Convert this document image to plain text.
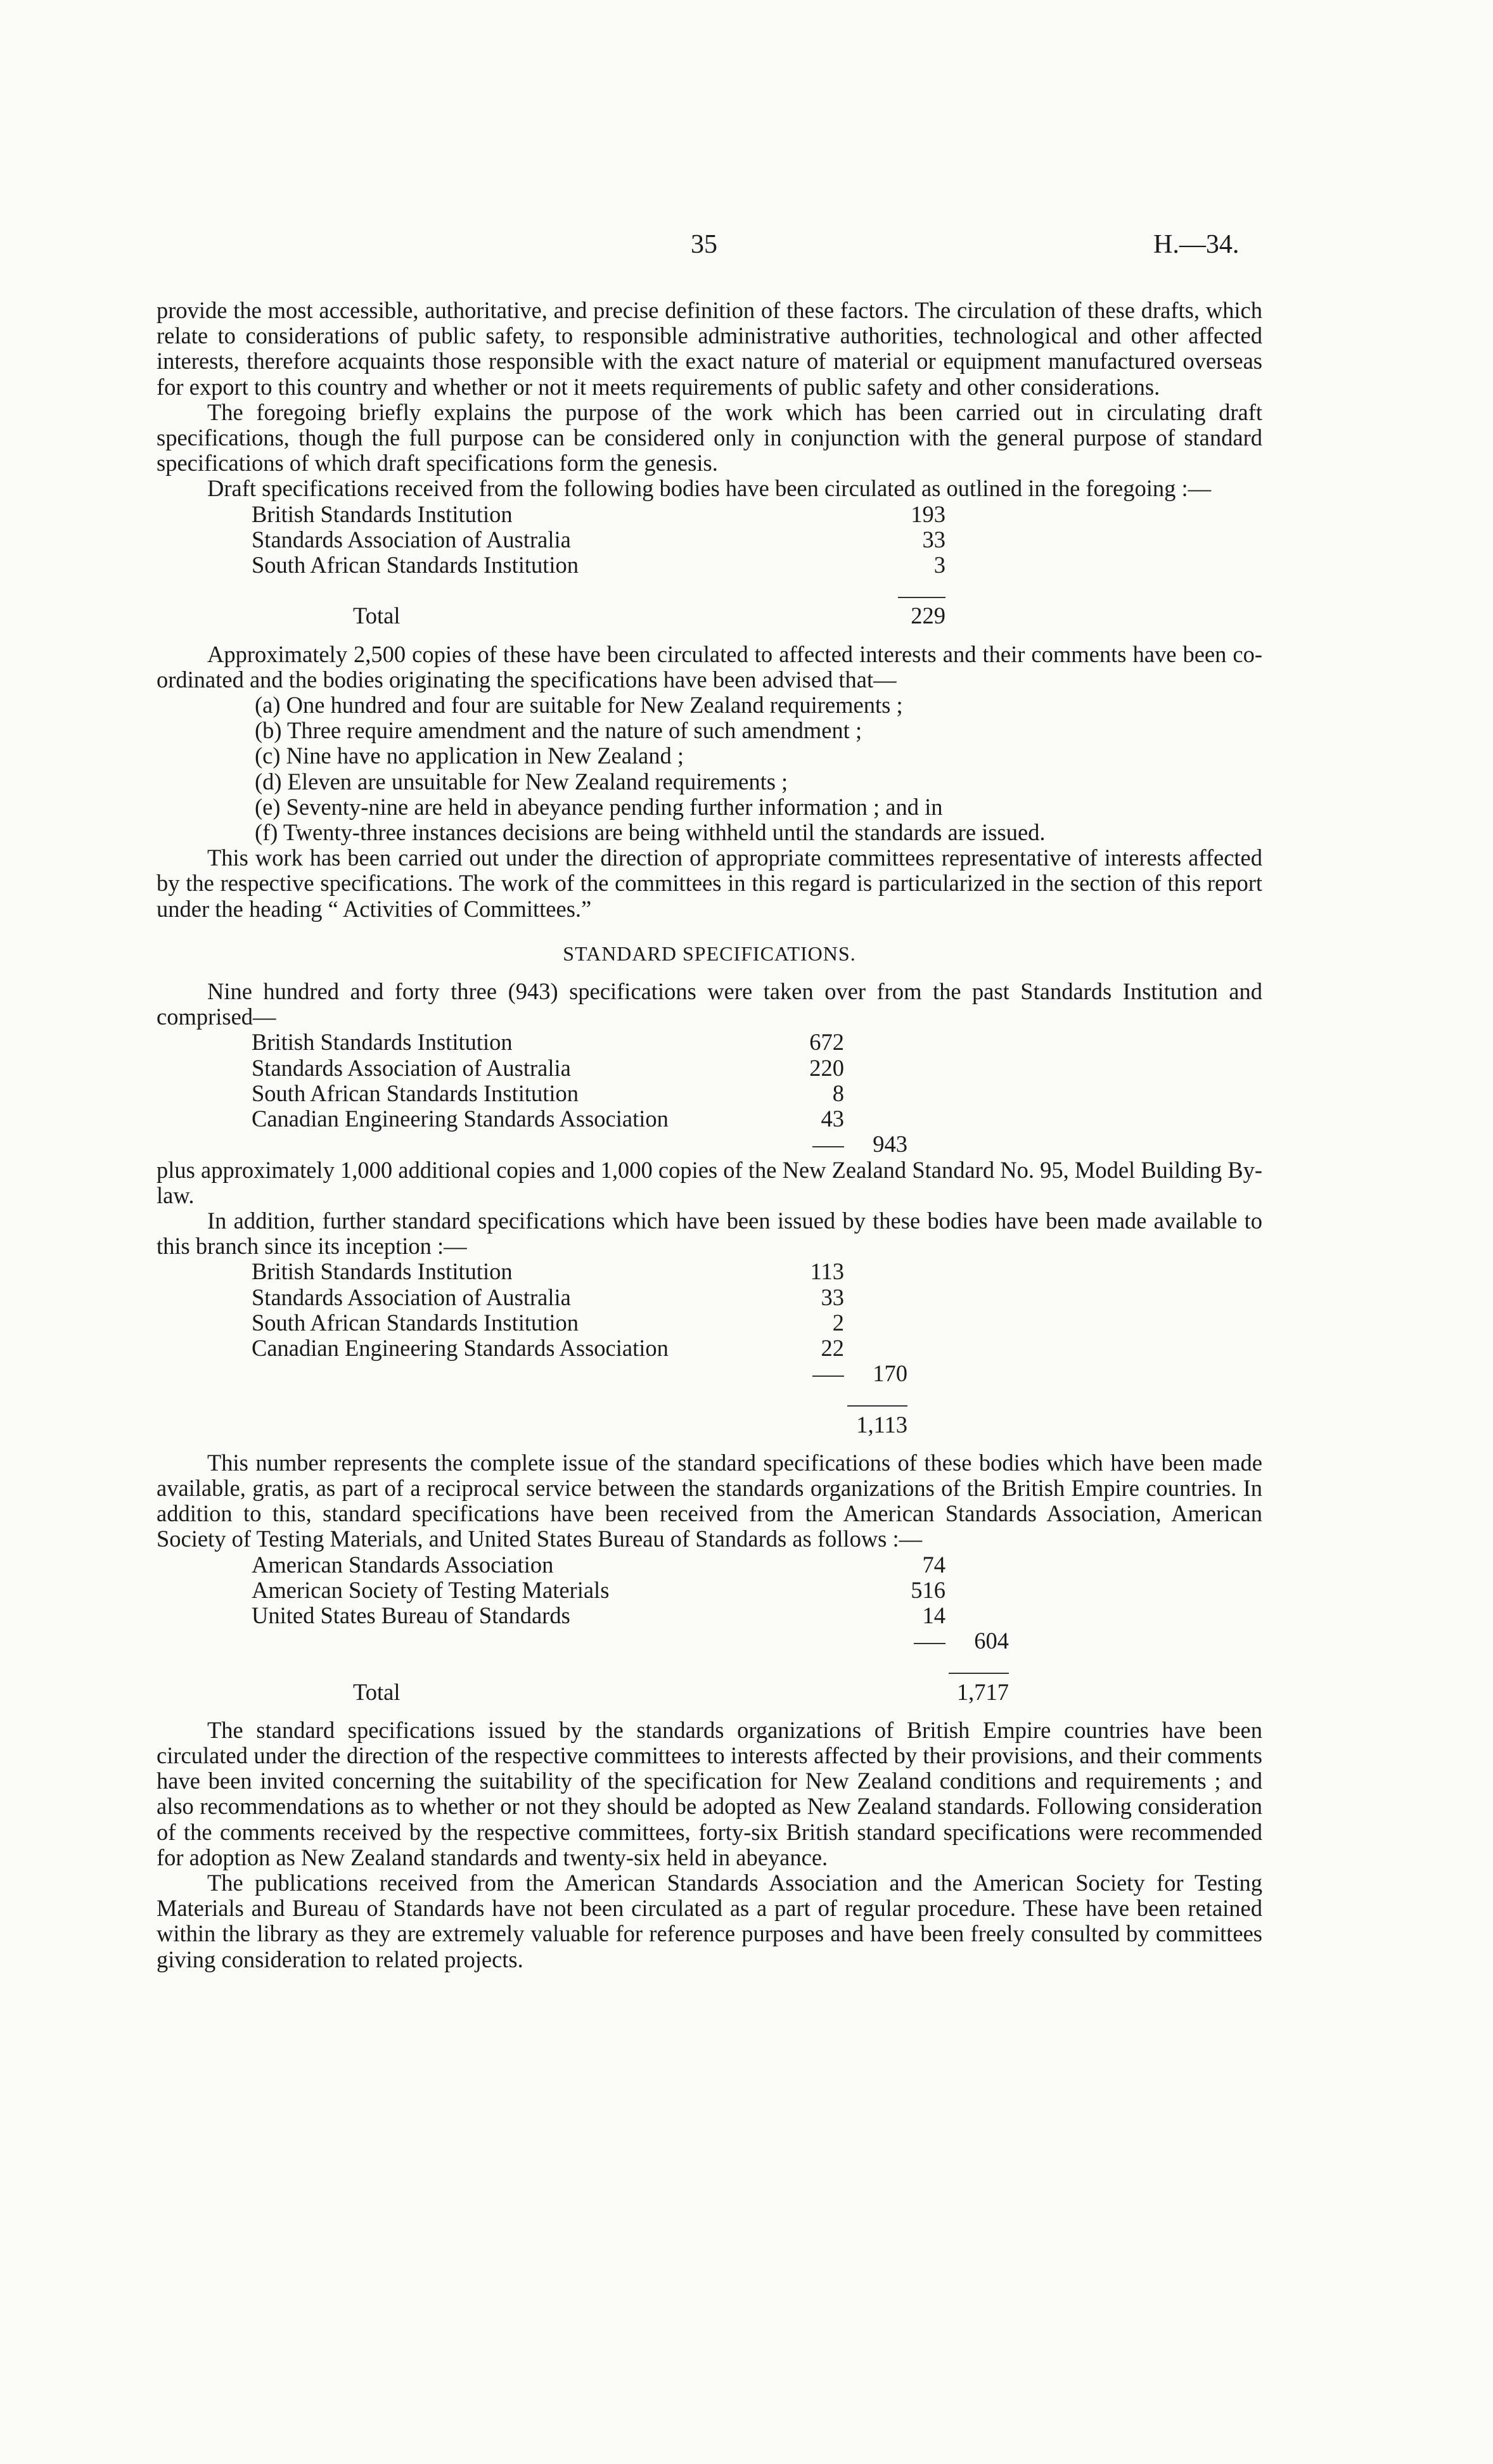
35	H.—34.

provide the most accessible, authoritative, and precise definition of these factors. The circulation of these drafts, which relate to considerations of public safety, to responsible administrative authorities, technological and other affected interests, therefore acquaints those responsible with the exact nature of material or equipment manufactured overseas for export to this country and whether or not it meets requirements of public safety and other considerations.

The foregoing briefly explains the purpose of the work which has been carried out in circulating draft specifications, though the full purpose can be considered only in conjunction with the general purpose of standard specifications of which draft specifications form the genesis.

Draft specifications received from the following bodies have been circulated as outlined in the foregoing :—

British Standards Institution	193
Standards Association of Australia	33
South African Standards Institution	3

Total	229

Approximately 2,500 copies of these have been circulated to affected interests and their comments have been co-ordinated and the bodies originating the specifications have been advised that—

(a) One hundred and four are suitable for New Zealand requirements ;
(b) Three require amendment and the nature of such amendment ;
(c) Nine have no application in New Zealand ;
(d) Eleven are unsuitable for New Zealand requirements ;
(e) Seventy-nine are held in abeyance pending further information ; and in
(f) Twenty-three instances decisions are being withheld until the standards are issued.

This work has been carried out under the direction of appropriate committees representative of interests affected by the respective specifications. The work of the committees in this regard is particularized in the section of this report under the heading “ Activities of Committees.”

STANDARD SPECIFICATIONS.

Nine hundred and forty three (943) specifications were taken over from the past Standards Institution and comprised—

British Standards Institution	672	
Standards Association of Australia	220	
South African Standards Institution	8	
Canadian Engineering Standards Association	43	
		943

plus approximately 1,000 additional copies and 1,000 copies of the New Zealand Standard No. 95, Model Building By-law.

In addition, further standard specifications which have been issued by these bodies have been made available to this branch since its inception :—

British Standards Institution	113	
Standards Association of Australia	33	
South African Standards Institution	2	
Canadian Engineering Standards Association	22	
		170

		1,113

This number represents the complete issue of the standard specifications of these bodies which have been made available, gratis, as part of a reciprocal service between the standards organizations of the British Empire countries. In addition to this, standard specifications have been received from the American Standards Association, American Society of Testing Materials, and United States Bureau of Standards as follows :—

American Standards Association	74	
American Society of Testing Materials	516	
United States Bureau of Standards	14	
		604

Total		1,717

The standard specifications issued by the standards organizations of British Empire countries have been circulated under the direction of the respective committees to interests affected by their provisions, and their comments have been invited concerning the suitability of the specification for New Zealand conditions and requirements ; and also recommendations as to whether or not they should be adopted as New Zealand standards. Following consideration of the comments received by the respective committees, forty-six British standard specifications were recommended for adoption as New Zealand standards and twenty-six held in abeyance.

The publications received from the American Standards Association and the American Society for Testing Materials and Bureau of Standards have not been circulated as a part of regular procedure. These have been retained within the library as they are extremely valuable for reference purposes and have been freely consulted by committees giving consideration to related projects.
